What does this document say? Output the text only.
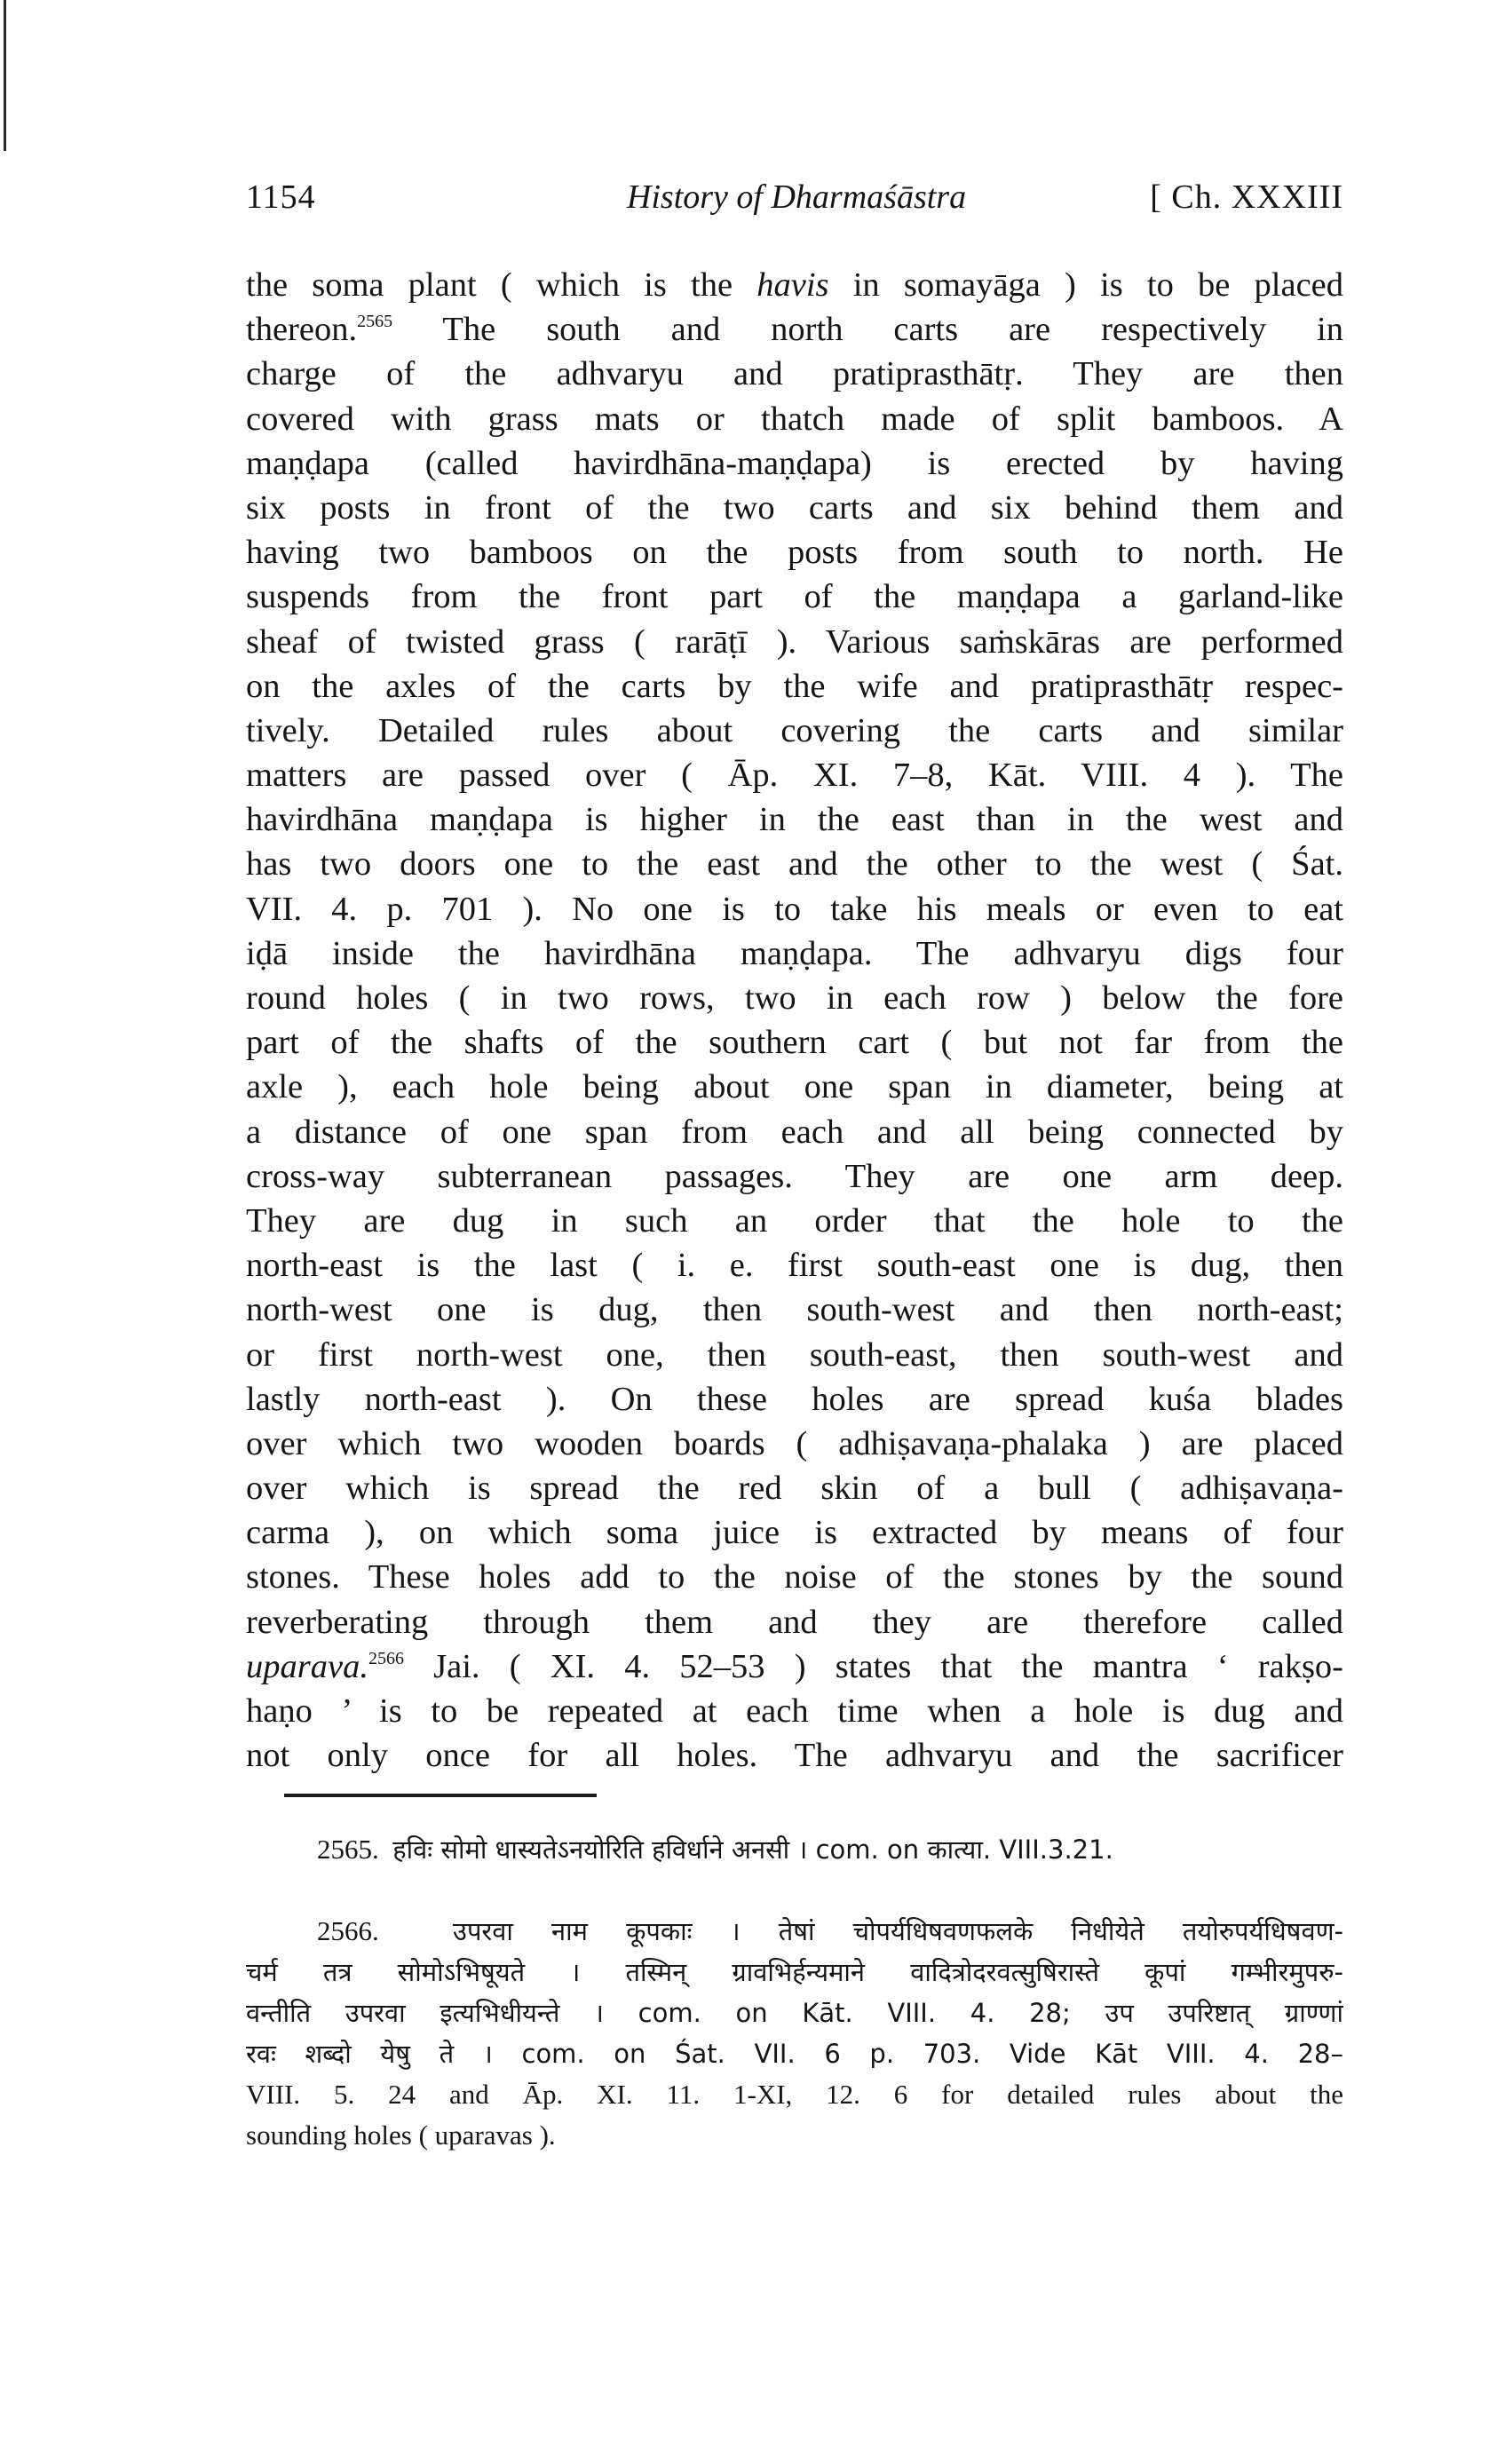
1154	History of Dharmaśāstra	[ Ch. XXXIII
the soma plant ( which is the havis in somayāga ) is to be placed
thereon.$^{2565}$ The south and north carts are respectively in
charge of the adhvaryu and pratiprasthātṛ. They are then
covered with grass mats or thatch made of split bamboos. A
maṇḍapa (called havirdhāna-maṇḍapa) is erected by having
six posts in front of the two carts and six behind them and
having two bamboos on the posts from south to north. He
suspends from the front part of the maṇḍapa a garland-like
sheaf of twisted grass ( rarāṭī ). Various saṁskāras are performed
on the axles of the carts by the wife and pratiprasthātṛ respec-
tively. Detailed rules about covering the carts and similar
matters are passed over ( Āp. XI. 7–8, Kāt. VIII. 4 ). The
havirdhāna maṇḍapa is higher in the east than in the west and
has two doors one to the east and the other to the west ( Śat.
VII. 4. p. 701 ). No one is to take his meals or even to eat
iḍā inside the havirdhāna maṇḍapa. The adhvaryu digs four
round holes ( in two rows, two in each row ) below the fore
part of the shafts of the southern cart ( but not far from the
axle ), each hole being about one span in diameter, being at
a distance of one span from each and all being connected by
cross-way subterranean passages. They are one arm deep.
They are dug in such an order that the hole to the
north-east is the last ( i. e. first south-east one is dug, then
north-west one is dug, then south-west and then north-east;
or first north-west one, then south-east, then south-west and
lastly north-east ). On these holes are spread kuśa blades
over which two wooden boards ( adhiṣavaṇa-phalaka ) are placed
over which is spread the red skin of a bull ( adhiṣavaṇa-
carma ), on which soma juice is extracted by means of four
stones. These holes add to the noise of the stones by the sound
reverberating through them and they are therefore called
uparava.$^{2566}$ Jai. ( XI. 4. 52–53 ) states that the mantra ‘ rakṣo-
haṇo ’ is to be repeated at each time when a hole is dug and
not only once for all holes. The adhvaryu and the sacrificer
2565. हविः सोमो धास्यतेऽनयोरिति हविर्धाने अनसी । com. on कात्या. VIII.3.21.
2566.	उपरवा नाम कूपकाः । तेषां चोपर्यधिषवणफलके निधीयेते तयोरुपर्यधिषवण-
चर्म तत्र सोमोऽभिषूयते । तस्मिन् ग्रावभिर्हन्यमाने वादित्रोदरवत्सुषिरास्ते कूपां गम्भीरमुपरु-
वन्तीति उपरवा इत्यभिधीयन्ते । com. on Kāt. VIII. 4. 28; उप उपरिष्टात् ग्राण्णां
रवः शब्दो येषु ते । com. on Śat. VII. 6 p. 703. Vide Kāt VIII. 4. 28–
VIII. 5. 24 and Āp. XI. 11. 1-XI, 12. 6 for detailed rules about the
sounding holes ( uparavas ).
